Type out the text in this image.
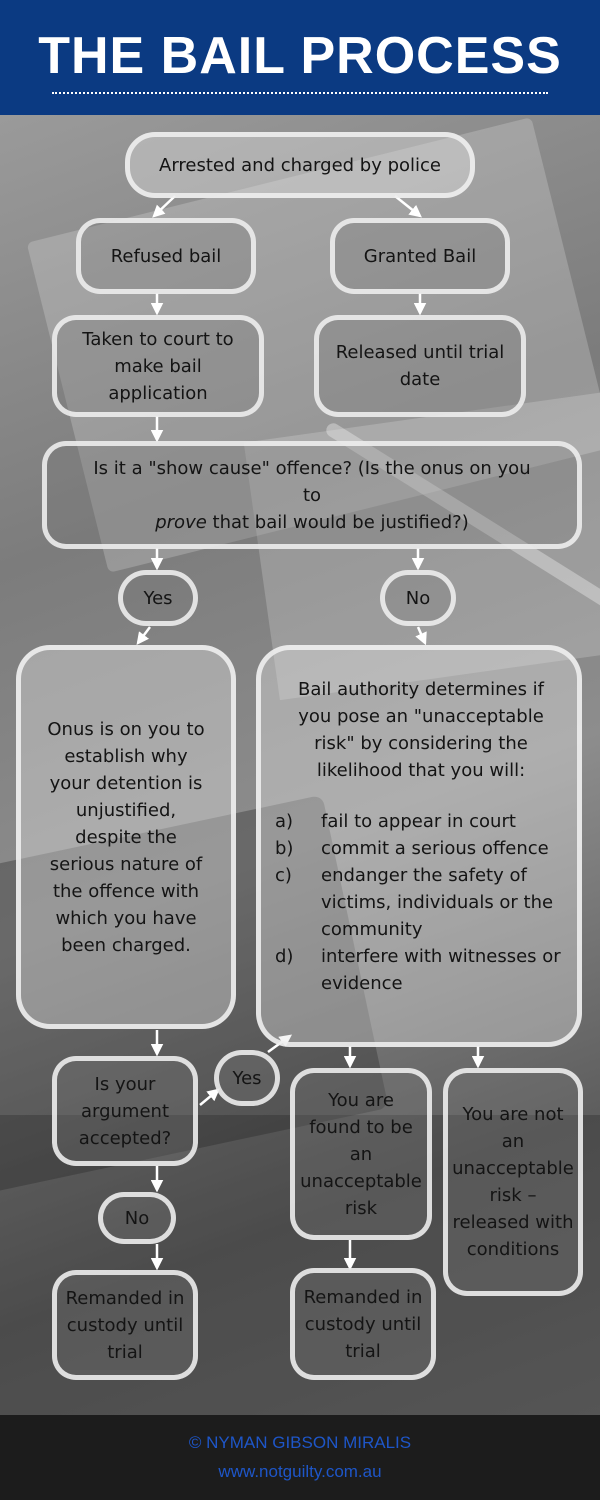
THE BAIL PROCESS
Arrested and charged by police
Refused bail	Granted Bail
Taken to court to make bail application
Released until trial date
Is it a "show cause" offence? (Is the onus on you to
prove that bail would be justified?)
Yes	No
Onus is on you to establish why your detention is unjustified, despite the serious nature of the offence with which you have been charged.
Bail authority determines if you pose an "unacceptable risk" by considering the likelihood that you will:
a)	fail to appear in court
b)	commit a serious offence
c)	endanger the safety of victims, individuals or the community
d)	interfere with witnesses or evidence
Is your argument accepted?
Yes
You are found to be an unacceptable risk
You are not an unacceptable risk – released with conditions
No
Remanded in custody until trial
Remanded in custody until trial
© NYMAN GIBSON MIRALIS
www.notguilty.com.au
